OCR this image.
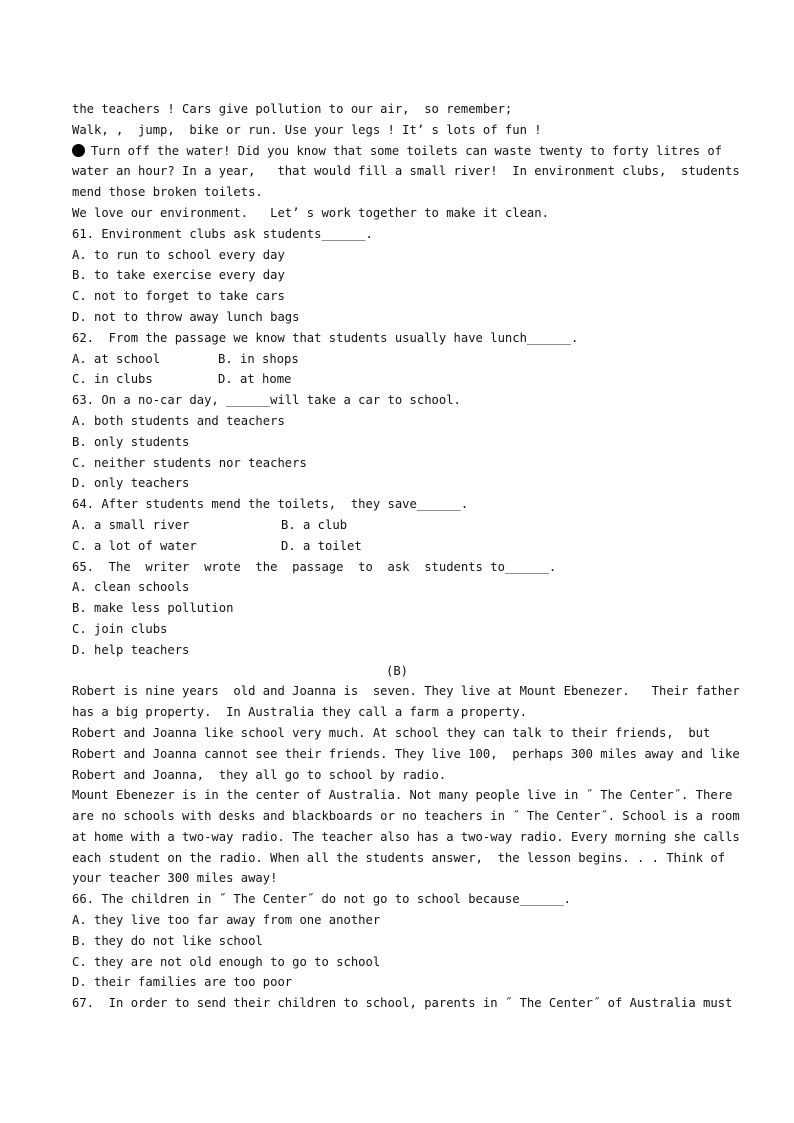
the teachers ! Cars give pollution to our air,  so remember;
Walk, ,  jump,  bike or run. Use your legs ! It’ s lots of fun !
Turn off the water! Did you know that some toilets can waste twenty to forty litres of
water an hour? In a year,   that would fill a small river!  In environment clubs,  students
mend those broken toilets.
We love our environment.   Let’ s work together to make it clean.
61. Environment clubs ask students______.
A. to run to school every day
B. to take exercise every day
C. not to forget to take cars
D. not to throw away lunch bags
62.  From the passage we know that students usually have lunch______.
A. at school	B. in shops
C. in clubs	D. at home
63. On a no-car day, ______will take a car to school.
A. both students and teachers
B. only students
C. neither students nor teachers
D. only teachers
64. After students mend the toilets,  they save______.
A. a small river	B. a club
C. a lot of water	D. a toilet
65.  The  writer  wrote  the  passage  to  ask  students to______.
A. clean schools
B. make less pollution
C. join clubs
D. help teachers
(B)
Robert is nine years  old and Joanna is  seven. They live at Mount Ebenezer.   Their father
has a big property.  In Australia they call a farm a property.
Robert and Joanna like school very much. At school they can talk to their friends,  but
Robert and Joanna cannot see their friends. They live 100,  perhaps 300 miles away and like
Robert and Joanna,  they all go to school by radio.
Mount Ebenezer is in the center of Australia. Not many people live in ˝ The Center˝. There
are no schools with desks and blackboards or no teachers in ˝ The Center˝. School is a room
at home with a two-way radio. The teacher also has a two-way radio. Every morning she calls
each student on the radio. When all the students answer,  the lesson begins. . . Think of
your teacher 300 miles away!
66. The children in ˝ The Center˝ do not go to school because______.
A. they live too far away from one another
B. they do not like school
C. they are not old enough to go to school
D. their families are too poor
67.  In order to send their children to school, parents in ˝ The Center˝ of Australia must
